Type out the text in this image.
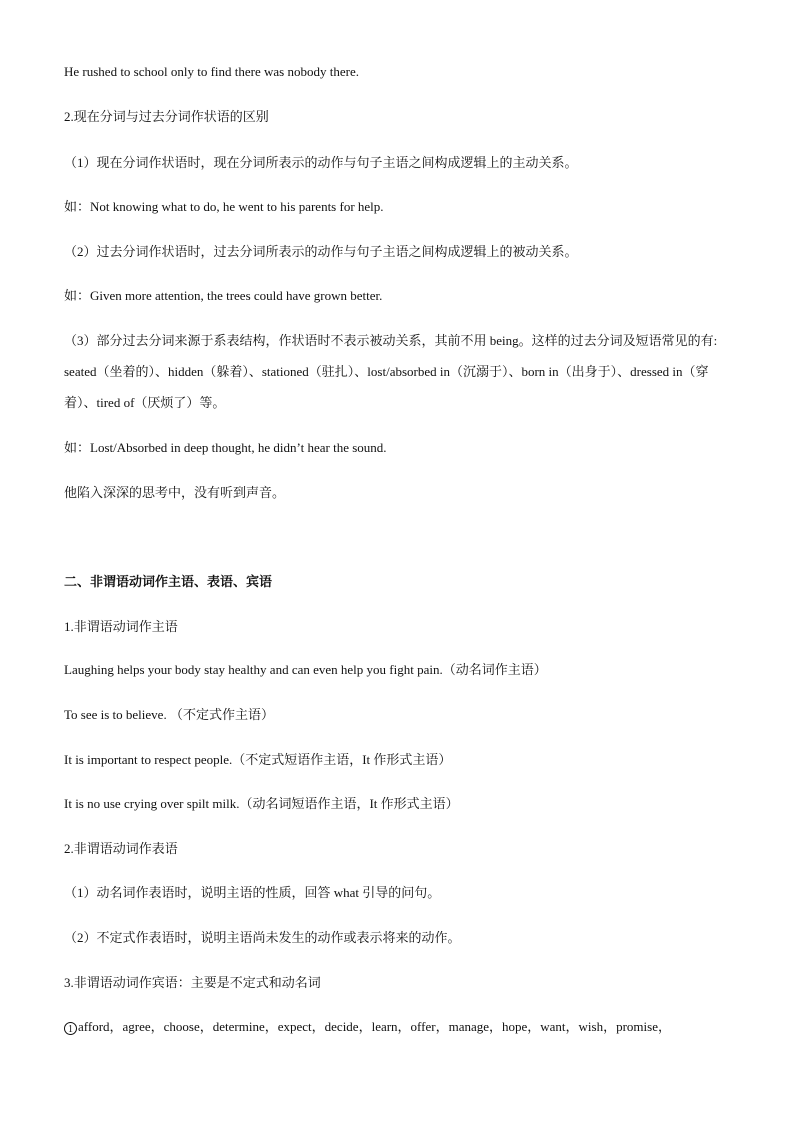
He rushed to school only to find there was nobody there.
2.现在分词与过去分词作状语的区别
（1）现在分词作状语时，现在分词所表示的动作与句子主语之间构成逻辑上的主动关系。
如：Not knowing what to do, he went to his parents for help.
（2）过去分词作状语时，过去分词所表示的动作与句子主语之间构成逻辑上的被动关系。
如：Given more attention, the trees could have grown better.
（3）部分过去分词来源于系表结构，作状语时不表示被动关系，其前不用 being。这样的过去分词及短语常见的有: seated（坐着的）、hidden（躲着）、stationed（驻扎）、lost/absorbed in（沉溺于）、born in（出身于）、dressed in（穿着）、tired of（厌烦了）等。
如：Lost/Absorbed in deep thought, he didn’t hear the sound.
他陷入深深的思考中，没有听到声音。
二、非谓语动词作主语、表语、宾语
1.非谓语动词作主语
Laughing helps your body stay healthy and can even help you fight pain.（动名词作主语）
To see is to believe. （不定式作主语）
It is important to respect people.（不定式短语作主语，It 作形式主语）
It is no use crying over spilt milk.（动名词短语作主语，It 作形式主语）
2.非谓语动词作表语
（1）动名词作表语时，说明主语的性质，回答 what 引导的问句。
（2）不定式作表语时，说明主语尚未发生的动作或表示将来的动作。
3.非谓语动词作宾语：主要是不定式和动名词
1 afford，agree，choose，determine，expect，decide，learn，offer，manage，hope，want，wish，promise，
